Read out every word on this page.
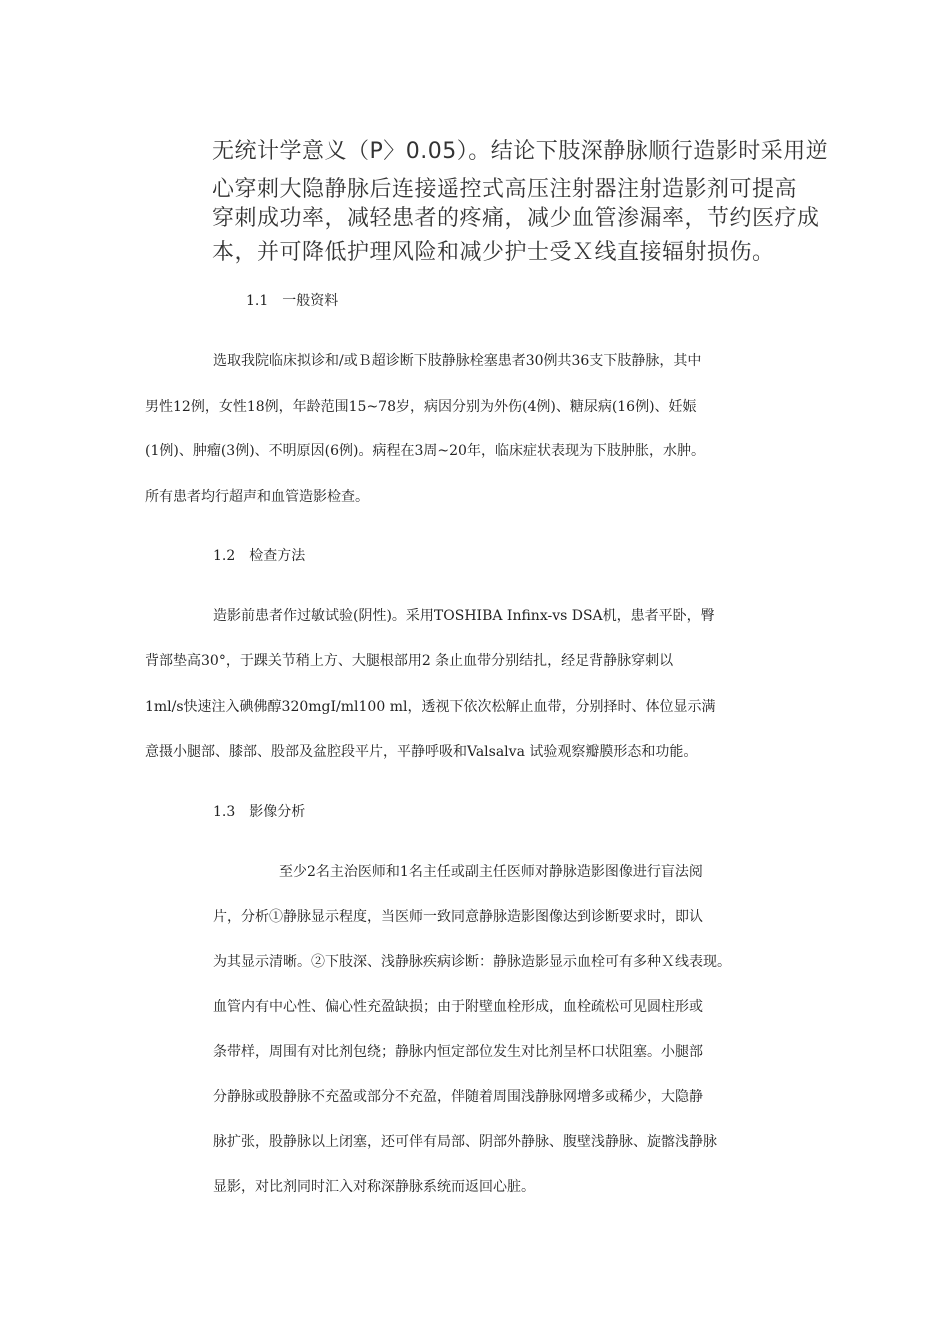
无统计学意义（P〉0.05）。结论下肢深静脉顺行造影时采用逆
心穿刺大隐静脉后连接遥控式高压注射器注射造影剂可提高
穿刺成功率，减轻患者的疼痛，减少血管渗漏率，节约医疗成
本，并可降低护理风险和减少护士受Ｘ线直接辐射损伤。
1.1　一般资料
选取我院临床拟诊和/或Ｂ超诊断下肢静脉栓塞患者30例共36支下肢静脉，其中
男性12例，女性18例，年龄范围15~78岁，病因分别为外伤(4例)、糖尿病(16例)、妊娠
(1例)、肿瘤(3例)、不明原因(6例)。病程在3周~20年，临床症状表现为下肢肿胀，水肿。
所有患者均行超声和血管造影检查。
1.2　检查方法
造影前患者作过敏试验(阴性)。采用TOSHIBA Infinx-vs DSA机，患者平卧，臀
背部垫高30°，于踝关节稍上方、大腿根部用2 条止血带分别结扎，经足背静脉穿刺以
1ml/s快速注入碘佛醇320mgI/ml100 ml，透视下依次松解止血带，分别择时、体位显示满
意摄小腿部、膝部、股部及盆腔段平片，平静呼吸和Valsalva 试验观察瓣膜形态和功能。
1.3　影像分析
至少2名主治医师和1名主任或副主任医师对静脉造影图像进行盲法阅
片，分析①静脉显示程度，当医师一致同意静脉造影图像达到诊断要求时，即认
为其显示清晰。②下肢深、浅静脉疾病诊断：静脉造影显示血栓可有多种Ｘ线表现。
血管内有中心性、偏心性充盈缺损；由于附壁血栓形成，血栓疏松可见圆柱形或
条带样，周围有对比剂包绕；静脉内恒定部位发生对比剂呈杯口状阻塞。小腿部
分静脉或股静脉不充盈或部分不充盈，伴随着周围浅静脉网增多或稀少，大隐静
脉扩张，股静脉以上闭塞，还可伴有局部、阴部外静脉、腹壁浅静脉、旋髂浅静脉
显影，对比剂同时汇入对称深静脉系统而返回心脏。
